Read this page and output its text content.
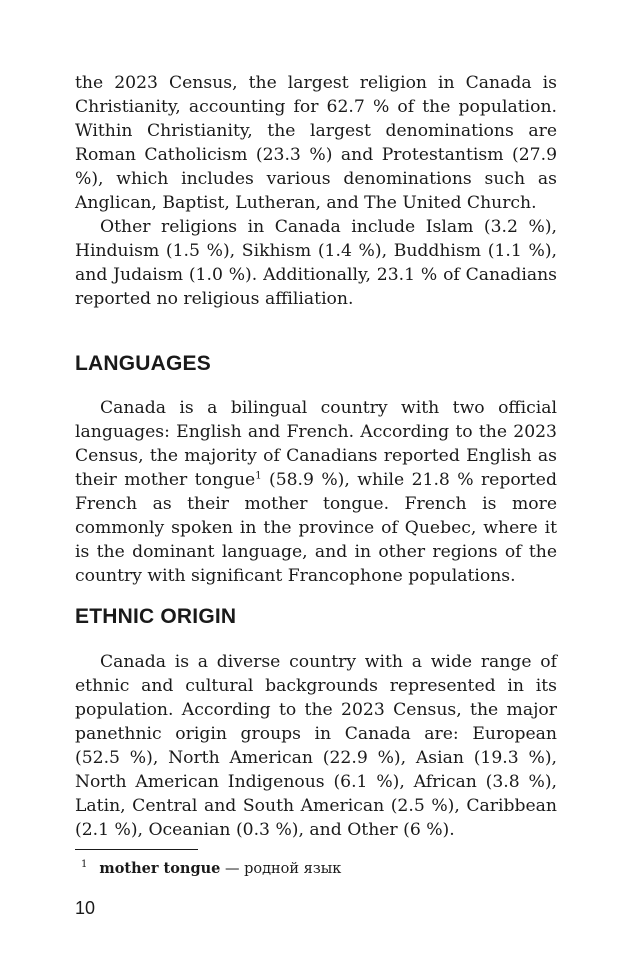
the 2023 Census, the largest religion in Canada is Christianity, accounting for 62.7 % of the population. Within Christianity, the largest denominations are Roman Catholicism (23.3 %) and Protestantism (27.9 %), which includes various denominations such as Anglican, Baptist, Lutheran, and The United Church.

Other religions in Canada include Islam (3.2 %), Hinduism (1.5 %), Sikhism (1.4 %), Buddhism (1.1 %), and Judaism (1.0 %). Additionally, 23.1 % of Canadians reported no religious affiliation.

LANGUAGES

Canada is a bilingual country with two official languages: English and French. According to the 2023 Census, the majority of Canadians reported English as their mother tongue$^1$ (58.9 %), while 21.8 % reported French as their mother tongue. French is more commonly spoken in the province of Quebec, where it is the dominant language, and in other regions of the country with significant Francophone populations.

ETHNIC ORIGIN

Canada is a diverse country with a wide range of ethnic and cultural backgrounds represented in its population. According to the 2023 Census, the major panethnic origin groups in Canada are: European (52.5 %), North American (22.9 %), Asian (19.3 %), North American Indigenous (6.1 %), African (3.8 %), Latin, Central and South American (2.5 %), Caribbean (2.1 %), Oceanian (0.3 %), and Other (6 %).

$^1$ mother tongue — родной язык
10
